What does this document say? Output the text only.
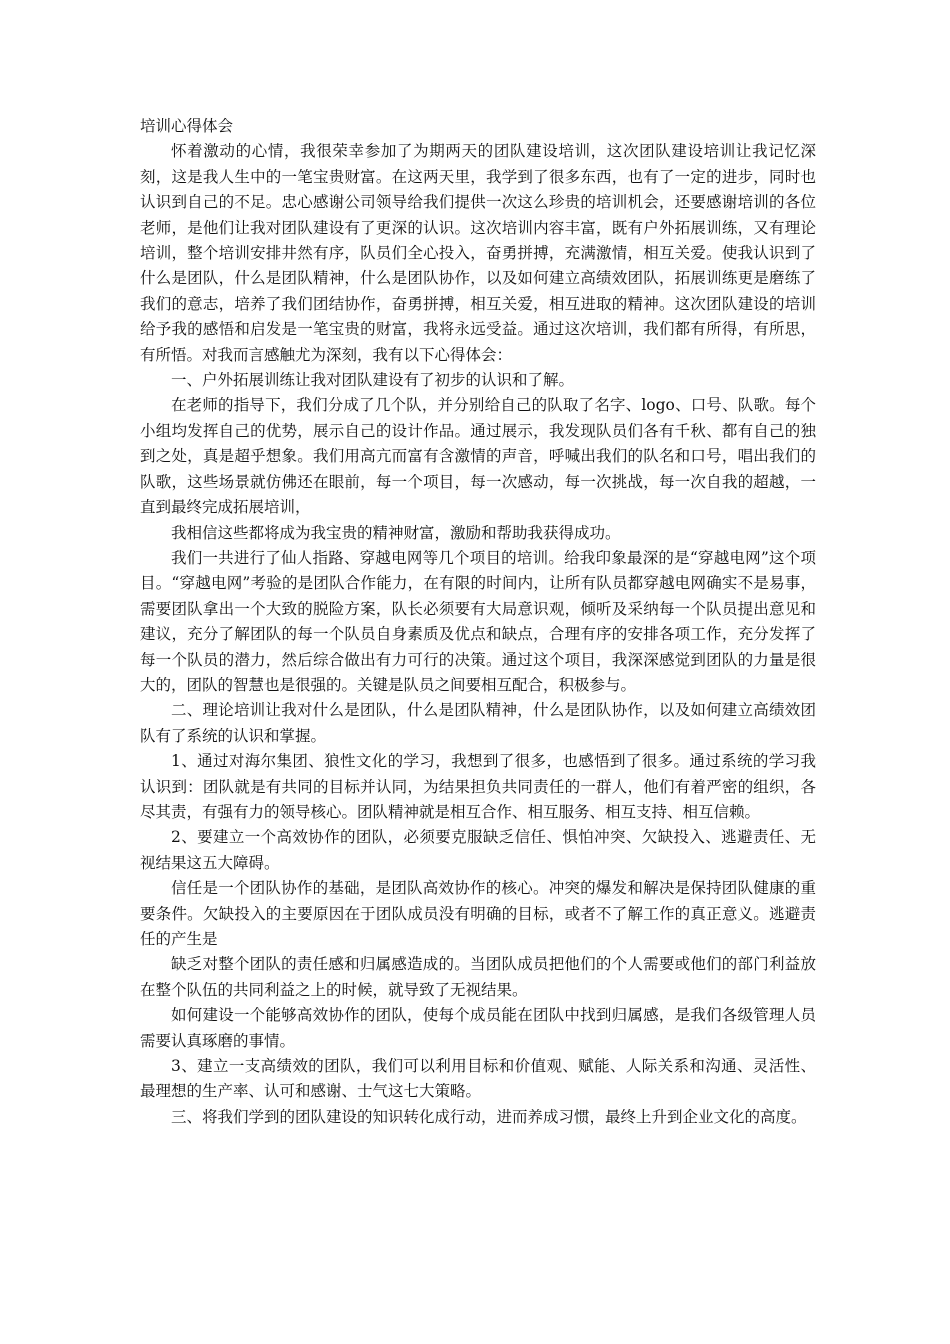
培训心得体会

怀着激动的心情，我很荣幸参加了为期两天的团队建设培训，这次团队建设培训让我记忆深刻，这是我人生中的一笔宝贵财富。在这两天里，我学到了很多东西，也有了一定的进步，同时也认识到自己的不足。忠心感谢公司领导给我们提供一次这么珍贵的培训机会，还要感谢培训的各位老师，是他们让我对团队建设有了更深的认识。这次培训内容丰富，既有户外拓展训练，又有理论培训，整个培训安排井然有序，队员们全心投入，奋勇拼搏，充满激情，相互关爱。使我认识到了什么是团队，什么是团队精神，什么是团队协作，以及如何建立高绩效团队，拓展训练更是磨练了我们的意志，培养了我们团结协作，奋勇拼搏，相互关爱，相互进取的精神。这次团队建设的培训给予我的感悟和启发是一笔宝贵的财富，我将永远受益。通过这次培训，我们都有所得，有所思，有所悟。对我而言感触尤为深刻，我有以下心得体会：

一、户外拓展训练让我对团队建设有了初步的认识和了解。

在老师的指导下，我们分成了几个队，并分别给自己的队取了名字、logo、口号、队歌。每个小组均发挥自己的优势，展示自己的设计作品。通过展示，我发现队员们各有千秋、都有自己的独到之处，真是超乎想象。我们用高亢而富有含激情的声音，呼喊出我们的队名和口号，唱出我们的队歌，这些场景就仿佛还在眼前，每一个项目，每一次感动，每一次挑战，每一次自我的超越，一直到最终完成拓展培训，

我相信这些都将成为我宝贵的精神财富，激励和帮助我获得成功。

我们一共进行了仙人指路、穿越电网等几个项目的培训。给我印象最深的是“穿越电网”这个项目。“穿越电网”考验的是团队合作能力，在有限的时间内，让所有队员都穿越电网确实不是易事，需要团队拿出一个大致的脱险方案，队长必须要有大局意识观，倾听及采纳每一个队员提出意见和建议，充分了解团队的每一个队员自身素质及优点和缺点，合理有序的安排各项工作，充分发挥了每一个队员的潜力，然后综合做出有力可行的决策。通过这个项目，我深深感觉到团队的力量是很大的，团队的智慧也是很强的。关键是队员之间要相互配合，积极参与。

二、理论培训让我对什么是团队，什么是团队精神，什么是团队协作，以及如何建立高绩效团队有了系统的认识和掌握。

1、通过对海尔集团、狼性文化的学习，我想到了很多，也感悟到了很多。通过系统的学习我认识到：团队就是有共同的目标并认同，为结果担负共同责任的一群人，他们有着严密的组织，各尽其责，有强有力的领导核心。团队精神就是相互合作、相互服务、相互支持、相互信赖。

2、要建立一个高效协作的团队，必须要克服缺乏信任、惧怕冲突、欠缺投入、逃避责任、无视结果这五大障碍。

信任是一个团队协作的基础，是团队高效协作的核心。冲突的爆发和解决是保持团队健康的重要条件。欠缺投入的主要原因在于团队成员没有明确的目标，或者不了解工作的真正意义。逃避责任的产生是

缺乏对整个团队的责任感和归属感造成的。当团队成员把他们的个人需要或他们的部门利益放在整个队伍的共同利益之上的时候，就导致了无视结果。

如何建设一个能够高效协作的团队，使每个成员能在团队中找到归属感，是我们各级管理人员需要认真琢磨的事情。

3、建立一支高绩效的团队，我们可以利用目标和价值观、赋能、人际关系和沟通、灵活性、最理想的生产率、认可和感谢、士气这七大策略。

三、将我们学到的团队建设的知识转化成行动，进而养成习惯，最终上升到企业文化的高度。
